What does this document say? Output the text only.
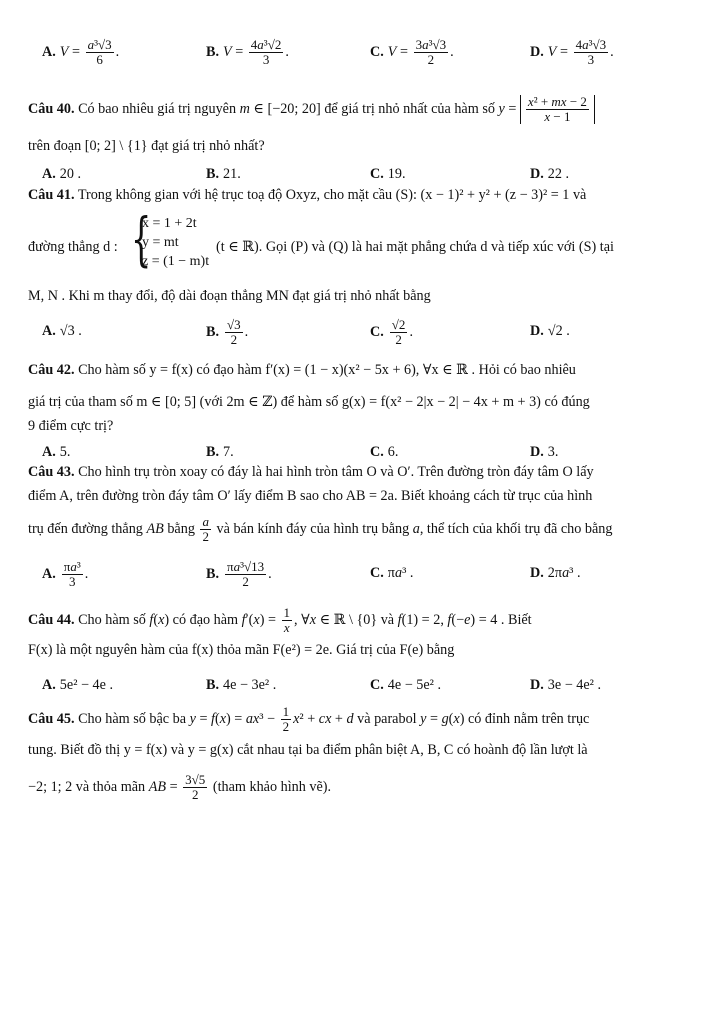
A. $V = \frac{\text{a³√3}}{6}$ .	B. $V = \frac{\text{4a³√2}}{3}$ .	C. $V = \frac{\text{3a³√3}}{2}$ .	D. $V = \frac{\text{4a³√3}}{3}$ .
Câu 40. Có bao nhiêu giá trị nguyên m ∈ [−20; 20] để giá trị nhỏ nhất của hàm số $y = \frac{\text{x² + mx − 2}}{x - 1}$
trên đoạn [0; 2] \ {1} đạt giá trị nhỏ nhất?
A. 20 .	B. 21.	C. 19.	D. 22 .
Câu 41. Trong không gian với hệ trục toạ độ Oxyz, cho mặt cầu (S): (x − 1)² + y² + (z − 3)² = 1 và
đường thẳng d : {
x = 1 + 2t
y = mt
z = (1 − m)t
(t ∈ ℝ). Gọi (P) và (Q) là hai mặt phẳng chứa d và tiếp xúc với (S) tại
M, N . Khi m thay đổi, độ dài đoạn thẳng MN đạt giá trị nhỏ nhất bằng
A. √3 .	B. $\frac{√3}{2}$ .	C. $\frac{√2}{2}$ .	D. √2 .
Câu 42. Cho hàm số y = f(x) có đạo hàm f′(x) = (1 − x)(x² − 5x + 6), ∀x ∈ ℝ . Hỏi có bao nhiêu
giá trị của tham số m ∈ [0; 5] (với 2m ∈ ℤ) để hàm số g(x) = f(x² − 2|x − 2| − 4x + m + 3) có đúng
9 điểm cực trị?
A. 5.	B. 7.	C. 6.	D. 3.
Câu 43. Cho hình trụ tròn xoay có đáy là hai hình tròn tâm O và O′. Trên đường tròn đáy tâm O lấy
điểm A, trên đường tròn đáy tâm O′ lấy điểm B sao cho AB = 2a. Biết khoảng cách từ trục của hình
trụ đến đường thẳng AB bằng $\frac{a}{2}$ và bán kính đáy của hình trụ bằng a, thể tích của khối trụ đã cho bằng
A. $\frac{\text{πa³}}{3}$ .	B. $\frac{\text{πa³√13}}{2}$ .	C. πa³ .	D. 2πa³ .
Câu 44. Cho hàm số f(x) có đạo hàm $f'(x) = \frac{1}{x}$ , ∀x ∈ ℝ \ {0} và f(1) = 2, f(−e) = 4 . Biết
F(x) là một nguyên hàm của f(x) thỏa mãn F(e²) = 2e. Giá trị của F(e) bằng
A. 5e² − 4e .	B. 4e − 3e² .	C. 4e − 5e² .	D. 3e − 4e² .
Câu 45. Cho hàm số bậc ba $y = f(x) = ax^3 - \frac{1}{2} x^2$ + cx + d và parabol y = g(x) có đỉnh nằm trên trục
tung. Biết đồ thị y = f(x) và y = g(x) cắt nhau tại ba điểm phân biệt A, B, C có hoành độ lần lượt là
−2; 1; 2 và thỏa mãn AB = $\frac{3√5}{2}$ (tham khảo hình vẽ).
